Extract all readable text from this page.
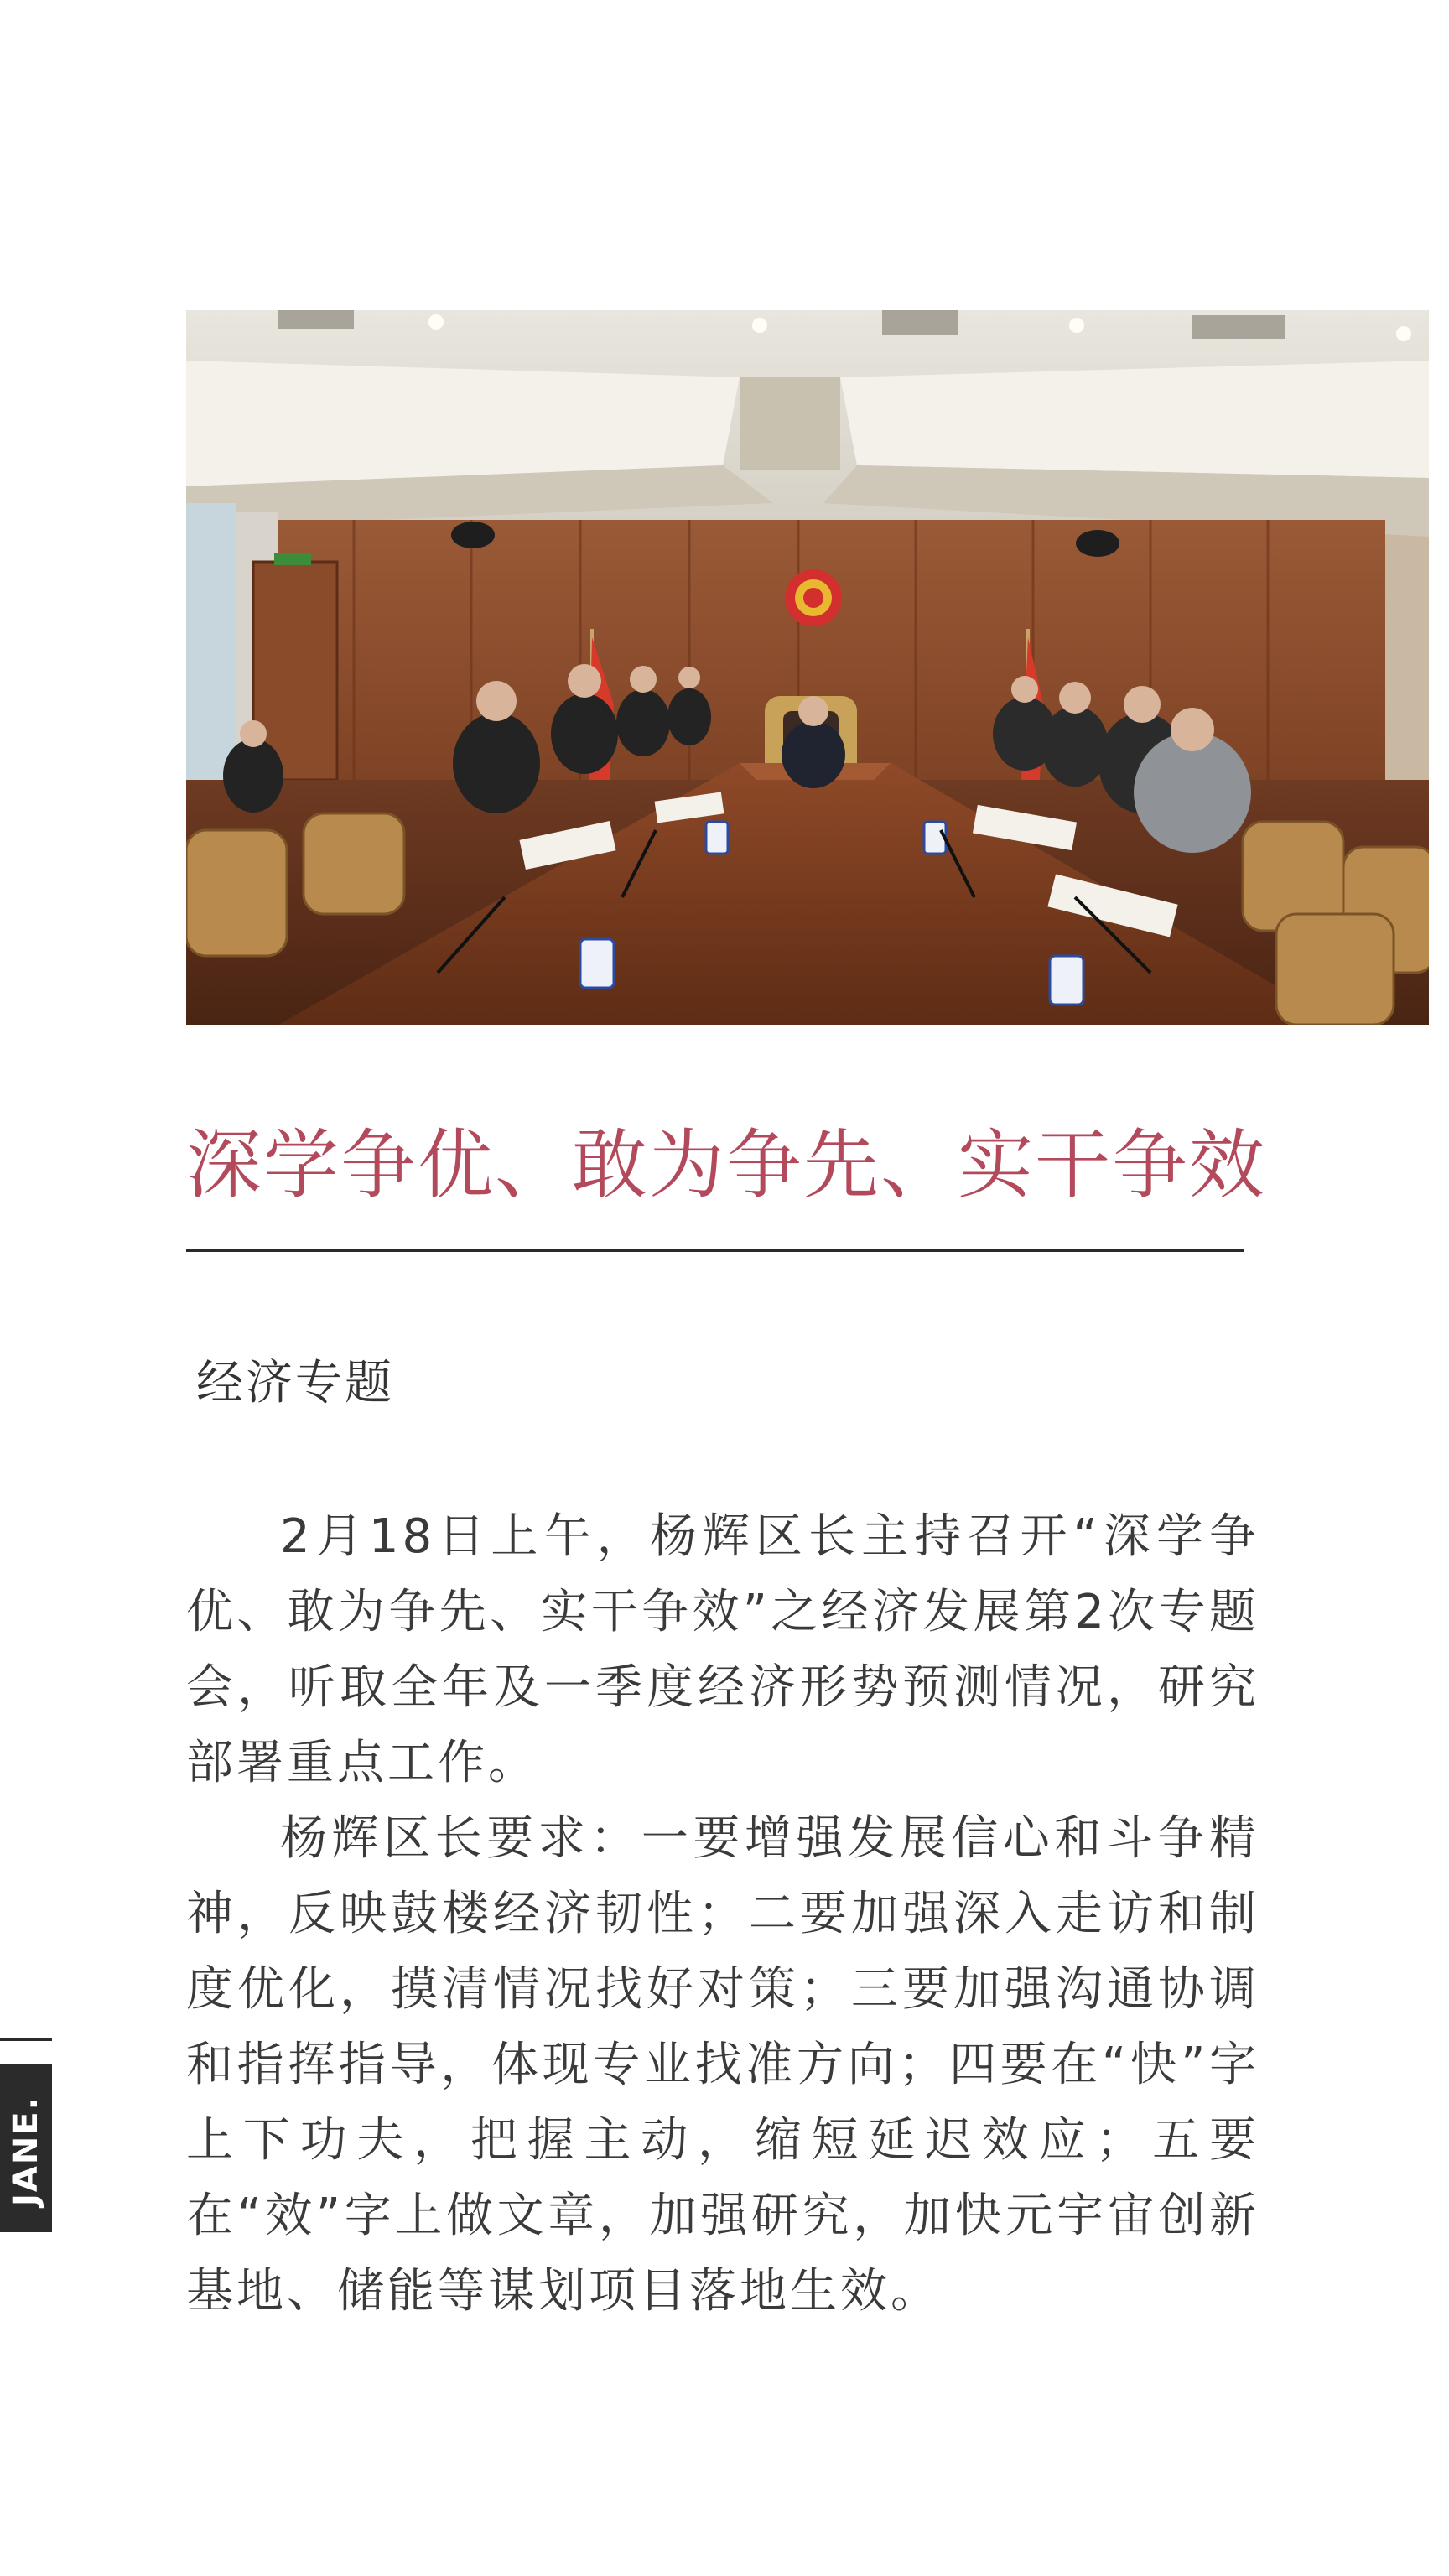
深学争优、敢为争先、实干争效
经济专题

2月18日上午，杨辉区长主持召开“深学争优、敢为争先、实干争效”之经济发展第2次专题会，听取全年及一季度经济形势预测情况，研究部署重点工作。

杨辉区长要求：一要增强发展信心和斗争精神，反映鼓楼经济韧性；二要加强深入走访和制度优化，摸清情况找好对策；三要加强沟通协调和指挥指导，体现专业找准方向；四要在“快”字上下功夫，把握主动，缩短延迟效应；五要在“效”字上做文章，加强研究，加快元宇宙创新基地、储能等谋划项目落地生效。

JANE.
